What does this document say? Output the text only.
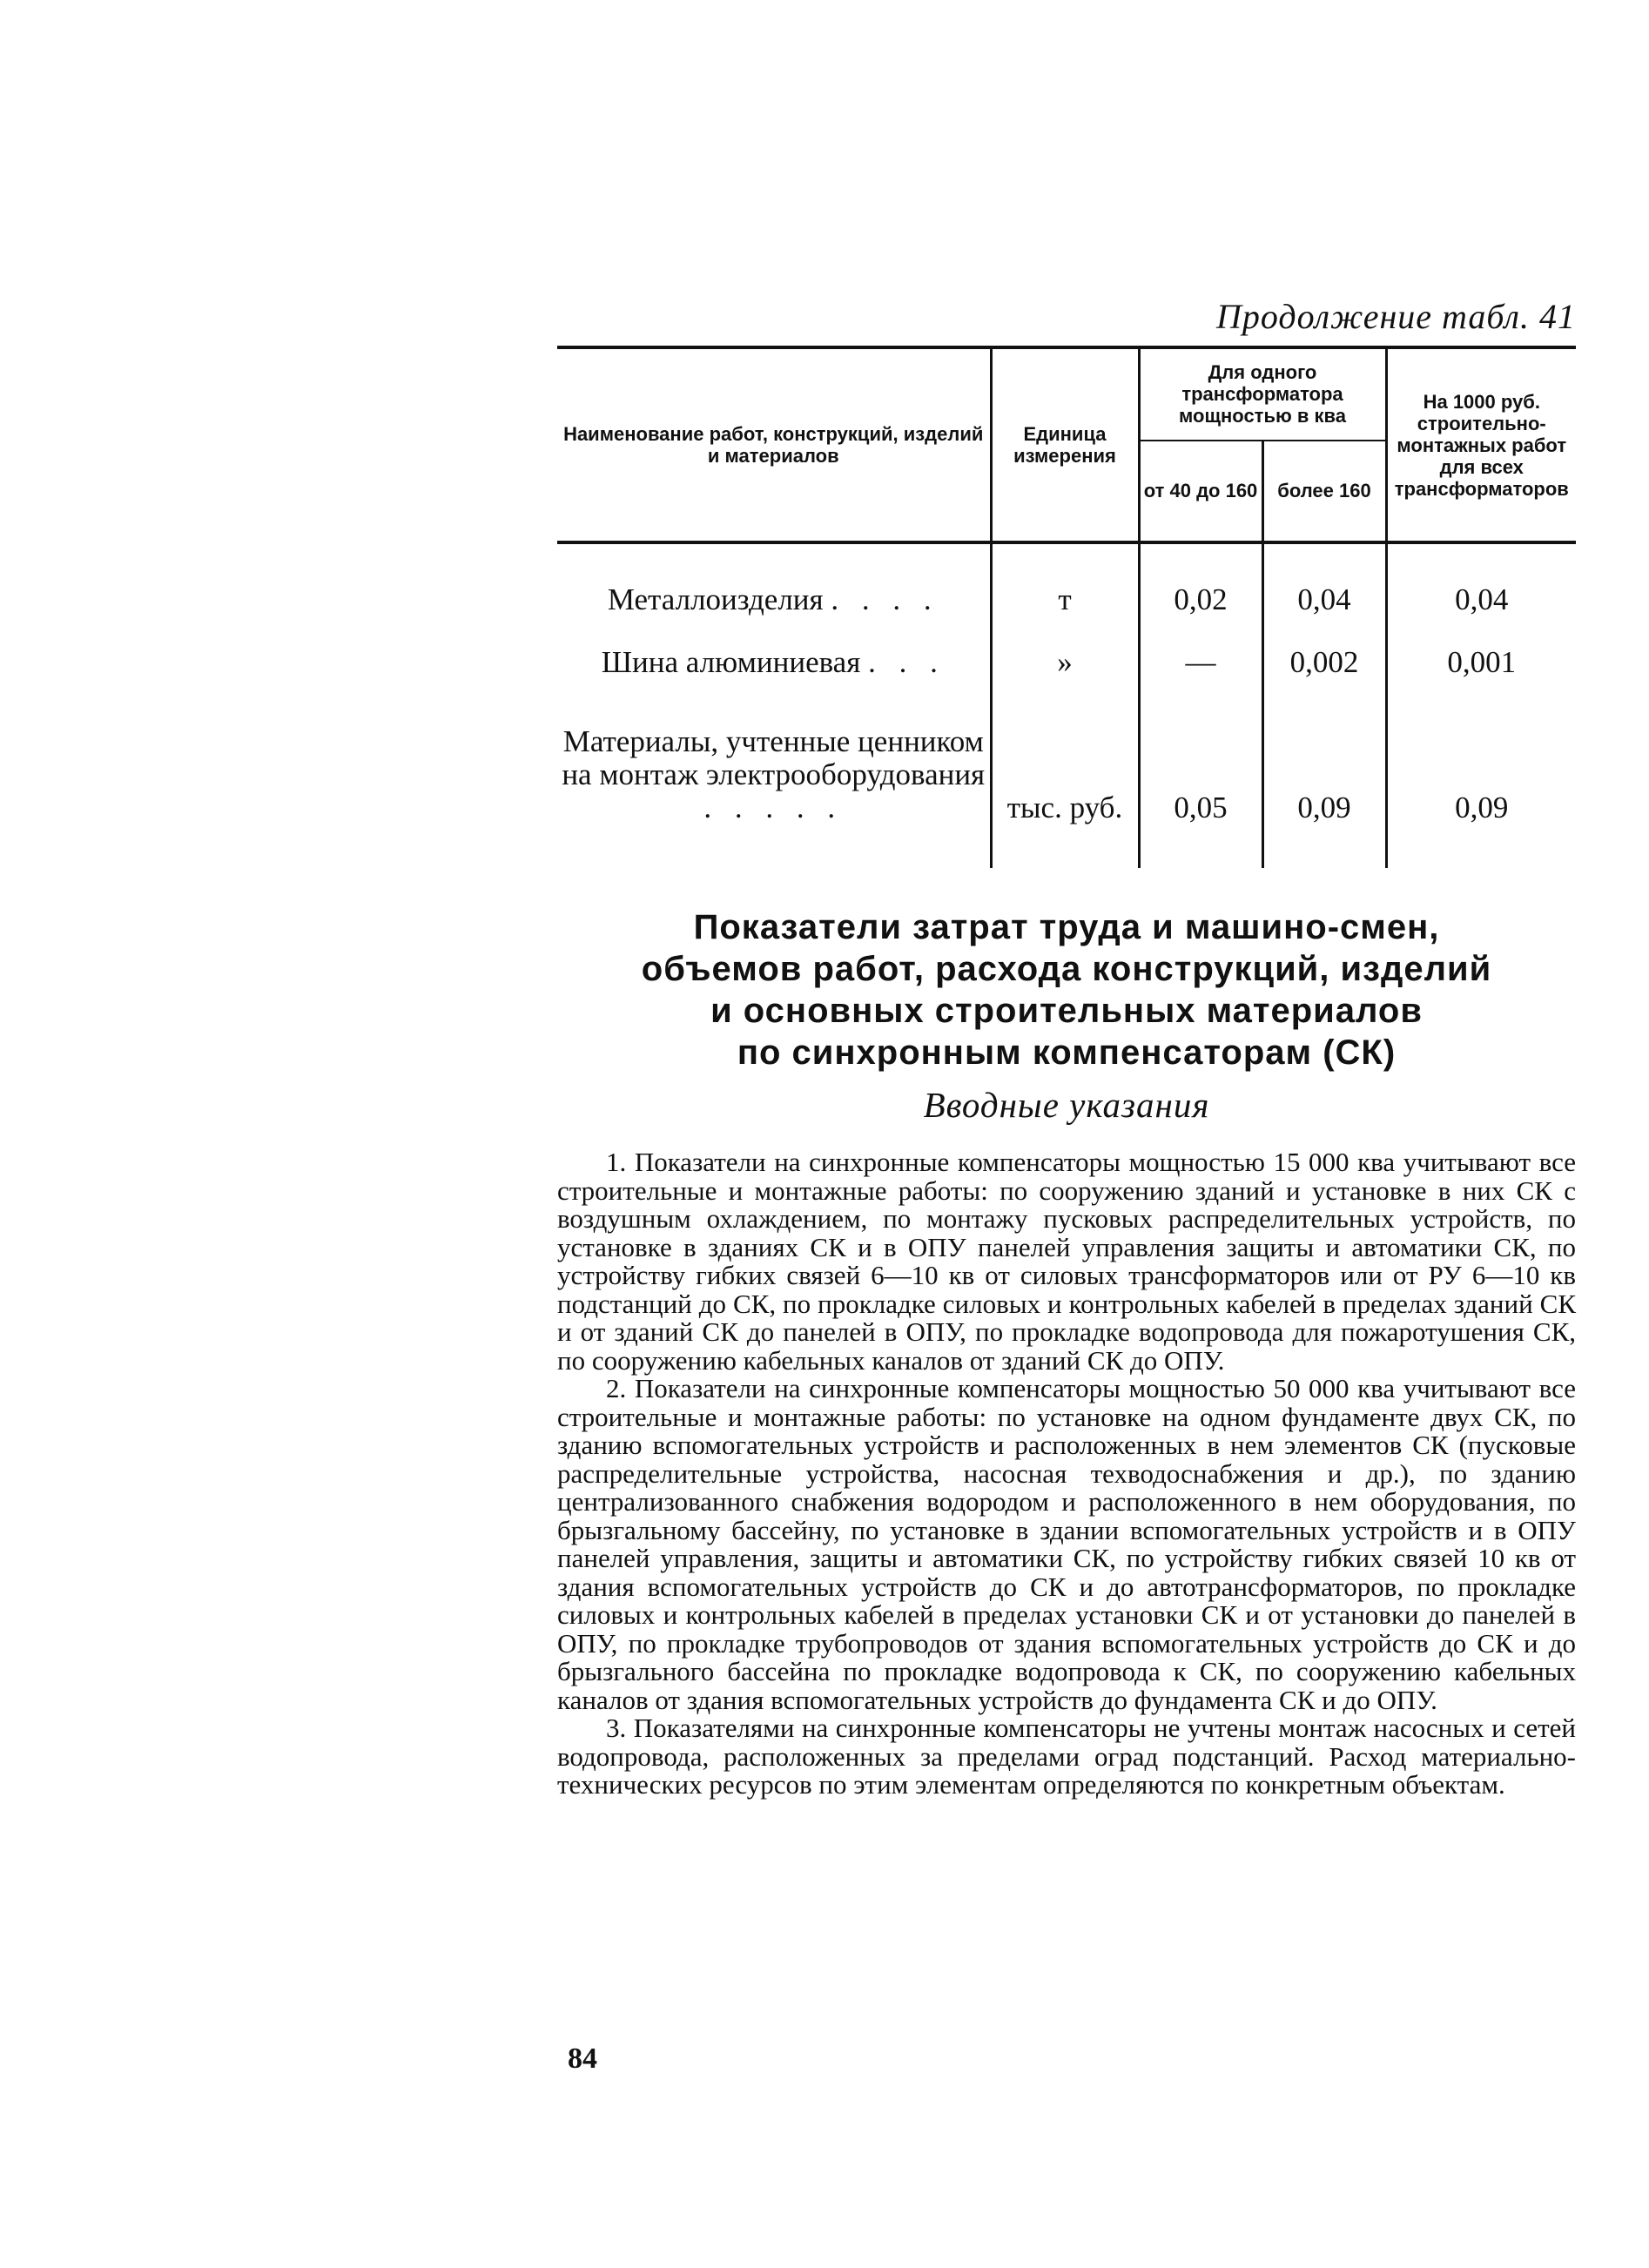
Продолжение табл. 41
Наименование работ, конструкций, изделий и материалов	Единица измерения	Для одного трансформатора мощностью в ква		На 1000 руб. строительно-монтажных работ для всех трансформаторов
		от 40 до 160	более 160	
Металлоизделия . . . .	т	0,02	0,04	0,04
Шина алюминиевая . . .	»	—	0,002	0,001
Материалы, учтенные ценником на монтаж электрооборудования . . . . .	тыс. руб.	0,05	0,09	0,09
Показатели затрат труда и машино-смен,
объемов работ, расхода конструкций, изделий
и основных строительных материалов
по синхронным компенсаторам (СК)
Вводные указания

1. Показатели на синхронные компенсаторы мощностью 15 000 ква учитывают все строительные и монтажные работы: по сооружению зданий и установке в них СК с воздушным охлаждением, по монтажу пусковых распределительных устройств, по установке в зданиях СК и в ОПУ панелей управления защиты и автоматики СК, по устройству гибких связей 6—10 кв от силовых трансформаторов или от РУ 6—10 кв подстанций до СК, по прокладке силовых и контрольных кабелей в пределах зданий СК и от зданий СК до панелей в ОПУ, по прокладке водопровода для пожаротушения СК, по сооружению кабельных каналов от зданий СК до ОПУ.

2. Показатели на синхронные компенсаторы мощностью 50 000 ква учитывают все строительные и монтажные работы: по установке на одном фундаменте двух СК, по зданию вспомогательных устройств и расположенных в нем элементов СК (пусковые распределительные устройства, насосная техводоснабжения и др.), по зданию централизованного снабжения водородом и расположенного в нем оборудования, по брызгальному бассейну, по установке в здании вспомогательных устройств и в ОПУ панелей управления, защиты и автоматики СК, по устройству гибких связей 10 кв от здания вспомогательных устройств до СК и до автотрансформаторов, по прокладке силовых и контрольных кабелей в пределах установки СК и от установки до панелей в ОПУ, по прокладке трубопроводов от здания вспомогательных устройств до СК и до брызгального бассейна по прокладке водопровода к СК, по сооружению кабельных каналов от здания вспомогательных устройств до фундамента СК и до ОПУ.

3. Показателями на синхронные компенсаторы не учтены монтаж насосных и сетей водопровода, расположенных за пределами оград подстанций. Расход материально-технических ресурсов по этим элементам определяются по конкретным объектам.

84
